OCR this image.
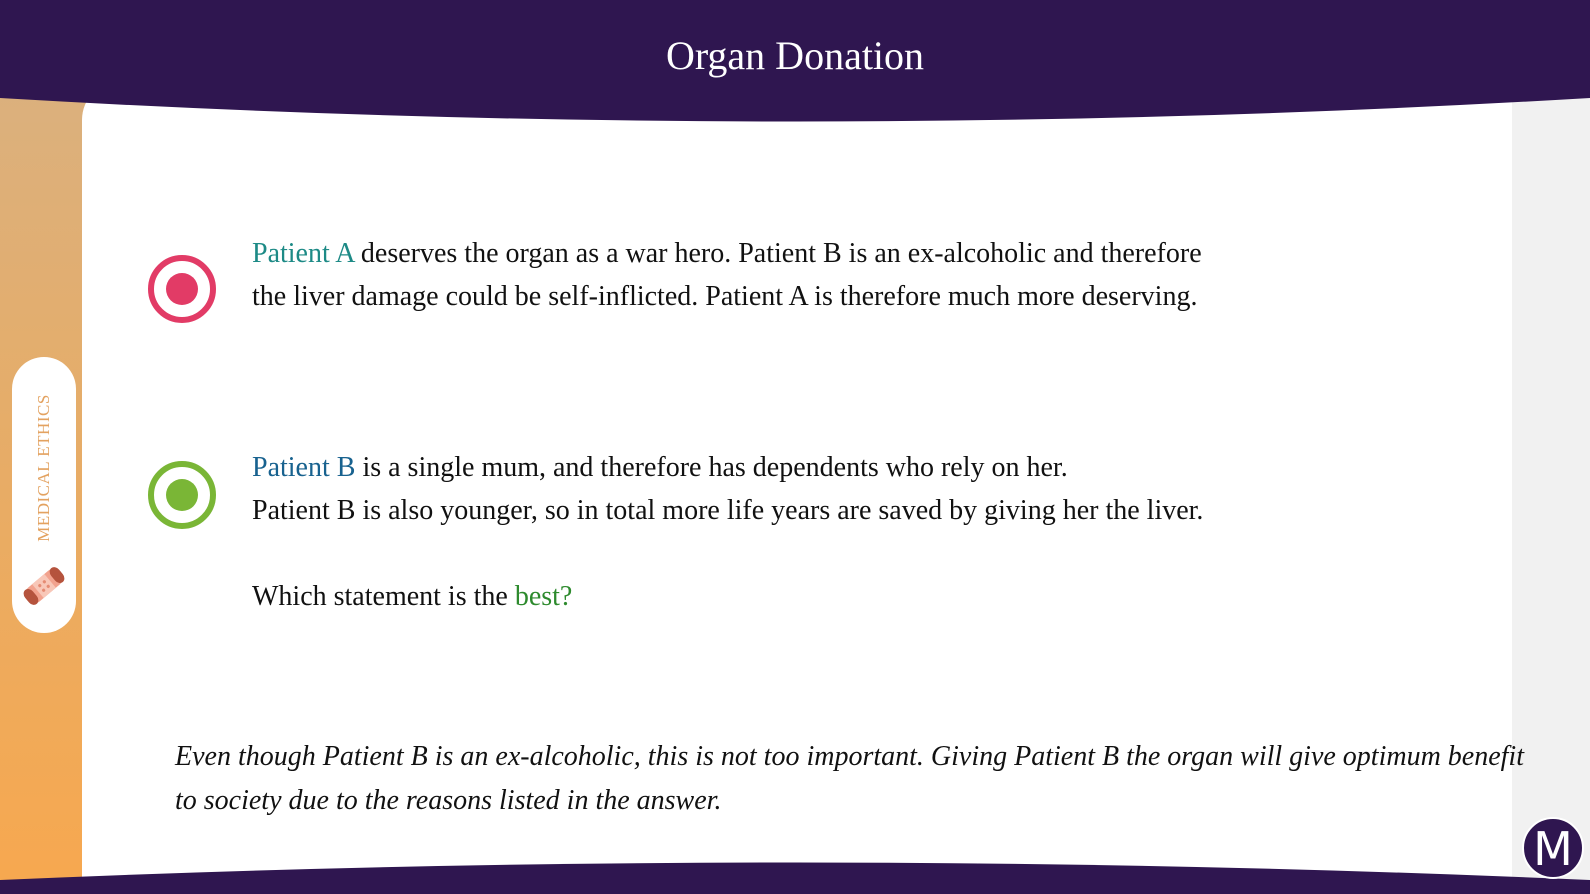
Organ Donation
MEDICAL ETHICS
Patient A deserves the organ as a war hero. Patient B is an ex-alcoholic and therefore
the liver damage could be self-inflicted. Patient A is therefore much more deserving.
Patient B is a single mum, and therefore has dependents who rely on her.
Patient B is also younger, so in total more life years are saved by giving her the liver.
Which statement is the best?
Even though Patient B is an ex-alcoholic, this is not too important. Giving Patient B the organ will give optimum benefit to society due to the reasons listed in the answer.
M
